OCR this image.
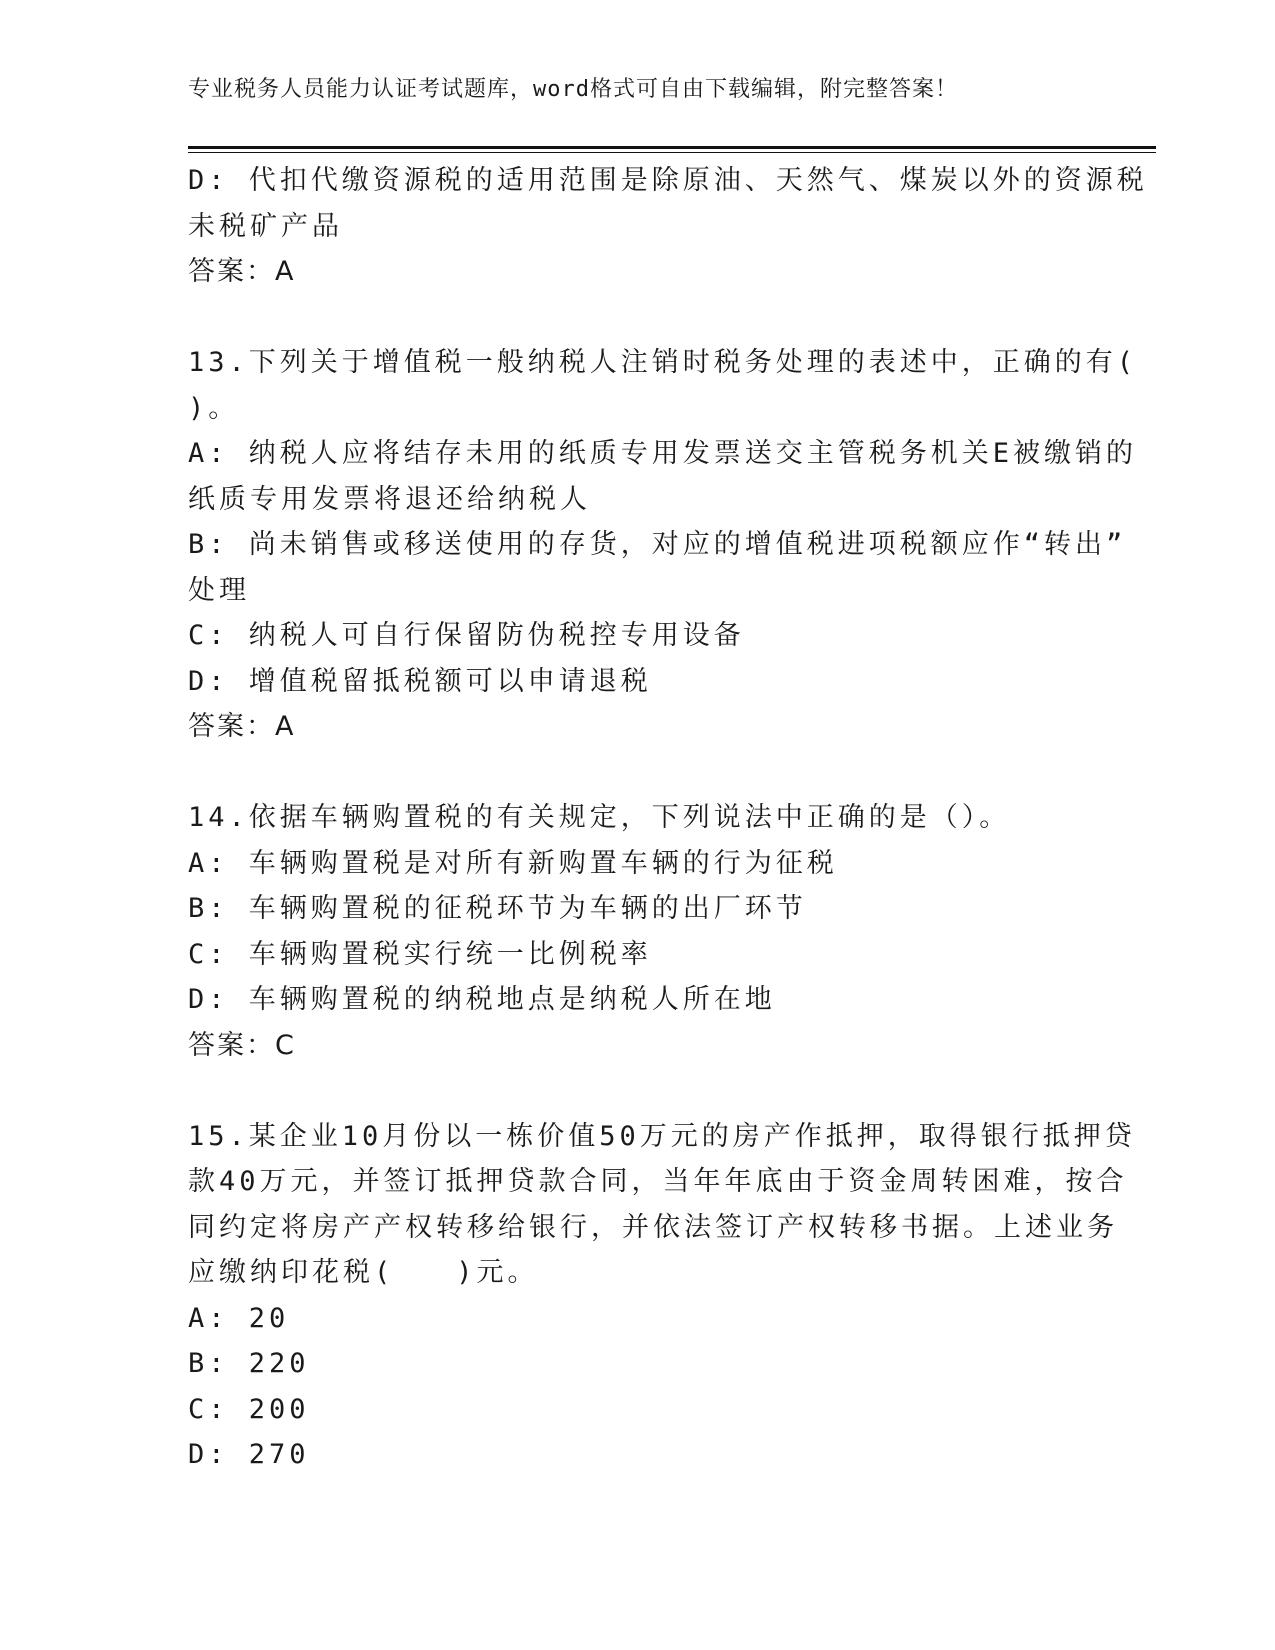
专业税务人员能力认证考试题库，word格式可自由下载编辑，附完整答案！
D: 代扣代缴资源税的适用范围是除原油、天然气、煤炭以外的资源税
未税矿产品
答案：A
13.下列关于增值税一般纳税人注销时税务处理的表述中，正确的有(
)。
A: 纳税人应将结存未用的纸质专用发票送交主管税务机关E被缴销的
纸质专用发票将退还给纳税人
B: 尚未销售或移送使用的存货，对应的增值税进项税额应作“转出”
处理
C: 纳税人可自行保留防伪税控专用设备
D: 增值税留抵税额可以申请退税
答案：A
14.依据车辆购置税的有关规定，下列说法中正确的是（）。
A: 车辆购置税是对所有新购置车辆的行为征税
B: 车辆购置税的征税环节为车辆的出厂环节
C: 车辆购置税实行统一比例税率
D: 车辆购置税的纳税地点是纳税人所在地
答案：C
15.某企业10月份以一栋价值50万元的房产作抵押，取得银行抵押贷
款40万元，并签订抵押贷款合同，当年年底由于资金周转困难，按合
同约定将房产产权转移给银行，并依法签订产权转移书据。上述业务
应缴纳印花税(　　)元。
A: 20
B: 220
C: 200
D: 270
